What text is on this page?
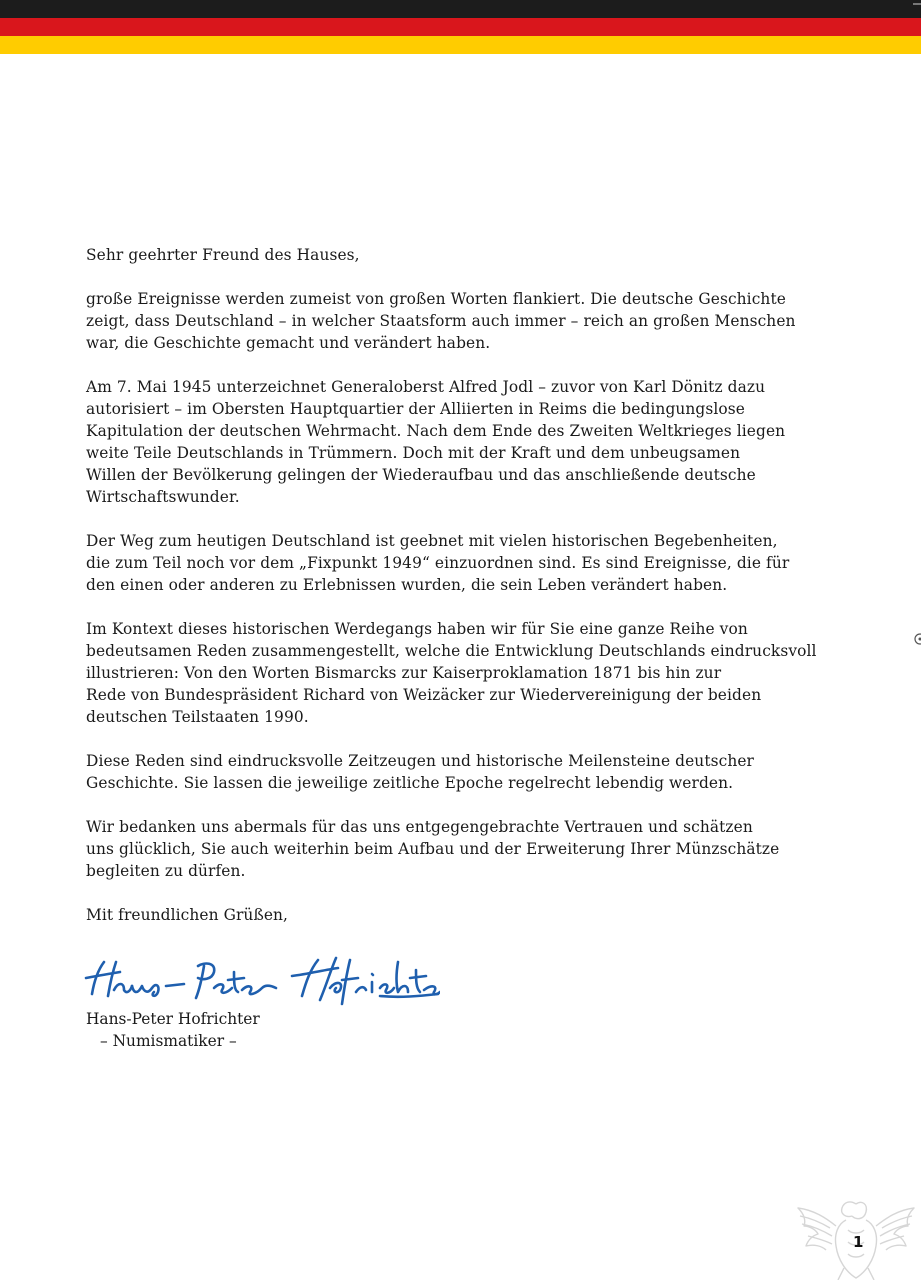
Sehr geehrter Freund des Hauses,

große Ereignisse werden zumeist von großen Worten flankiert. Die deutsche Geschichte
zeigt, dass Deutschland – in welcher Staatsform auch immer – reich an großen Menschen
war, die Geschichte gemacht und verändert haben.

Am 7. Mai 1945 unterzeichnet Generaloberst Alfred Jodl – zuvor von Karl Dönitz dazu
autorisiert – im Obersten Hauptquartier der Alliierten in Reims die bedingungslose
Kapitulation der deutschen Wehrmacht. Nach dem Ende des Zweiten Weltkrieges liegen
weite Teile Deutschlands in Trümmern. Doch mit der Kraft und dem unbeugsamen
Willen der Bevölkerung gelingen der Wiederaufbau und das anschließende deutsche
Wirtschaftswunder.

Der Weg zum heutigen Deutschland ist geebnet mit vielen historischen Begebenheiten,
die zum Teil noch vor dem „Fixpunkt 1949“ einzuordnen sind. Es sind Ereignisse, die für
den einen oder anderen zu Erlebnissen wurden, die sein Leben verändert haben.

Im Kontext dieses historischen Werdegangs haben wir für Sie eine ganze Reihe von
bedeutsamen Reden zusammengestellt, welche die Entwicklung Deutschlands eindrucksvoll
illustrieren: Von den Worten Bismarcks zur Kaiserproklamation 1871 bis hin zur
Rede von Bundespräsident Richard von Weizäcker zur Wiedervereinigung der beiden
deutschen Teilstaaten 1990.

Diese Reden sind eindrucksvolle Zeitzeugen und historische Meilensteine deutscher
Geschichte. Sie lassen die jeweilige zeitliche Epoche regelrecht lebendig werden.

Wir bedanken uns abermals für das uns entgegengebrachte Vertrauen und schätzen
uns glücklich, Sie auch weiterhin beim Aufbau und der Erweiterung Ihrer Münzschätze
begleiten zu dürfen.

Mit freundlichen Grüßen,

Hans-Peter Hofrichter
– Numismatiker –
1
